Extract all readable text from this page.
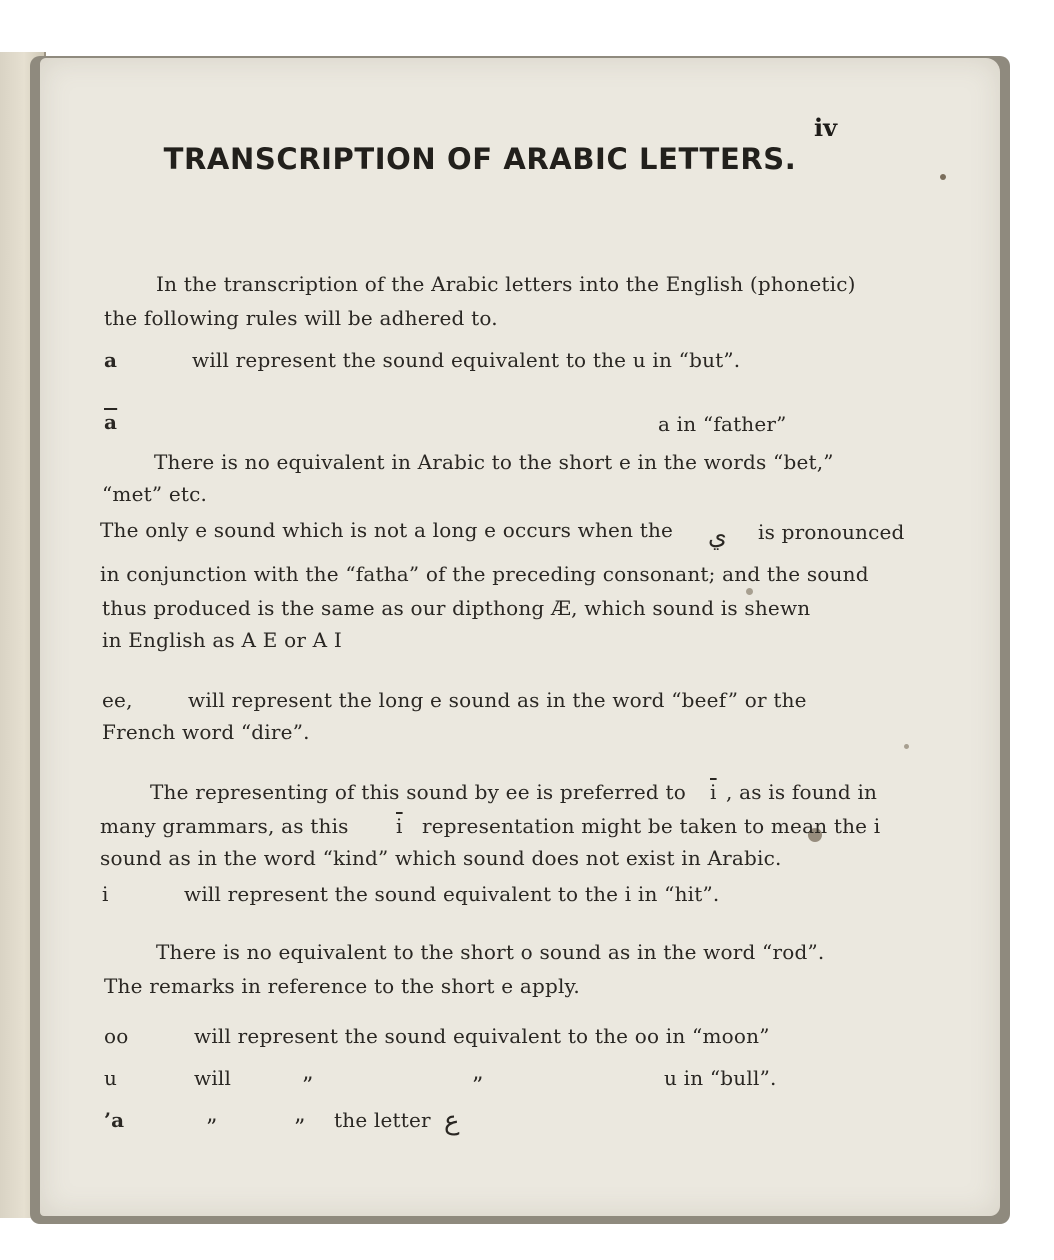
iv
TRANSCRIPTION OF ARABIC LETTERS.
In the transcription of the Arabic letters into the English (phonetic)
the following rules will be adhered to.
a	will represent the sound equivalent to the u in “but”.
$\overline{a}$	a in “father”
There is no equivalent in Arabic to the short e in the words “bet,”
“met” etc.
The only e sound which is not a long e occurs when the ي is pronounced
in conjunction with the “fatha” of the preceding consonant; and the sound
thus produced is the same as our dipthong Æ, which sound is shewn
in English as A E or A I
ee,	will represent the long e sound as in the word “beef” or the
French word “dire”.
The representing of this sound by ee is preferred to $\overline{i}$ , as is found in
many grammars, as this $\overline{i}$ representation might be taken to mean the i
sound as in the word “kind” which sound does not exist in Arabic.
i	will represent the sound equivalent to the i in “hit”.
There is no equivalent to the short o sound as in the word “rod”.
The remarks in reference to the short e apply.
oo	will represent the sound equivalent to the oo in “moon”
u	will	”	”	u in “bull”.
’a	”	” the letter ع
